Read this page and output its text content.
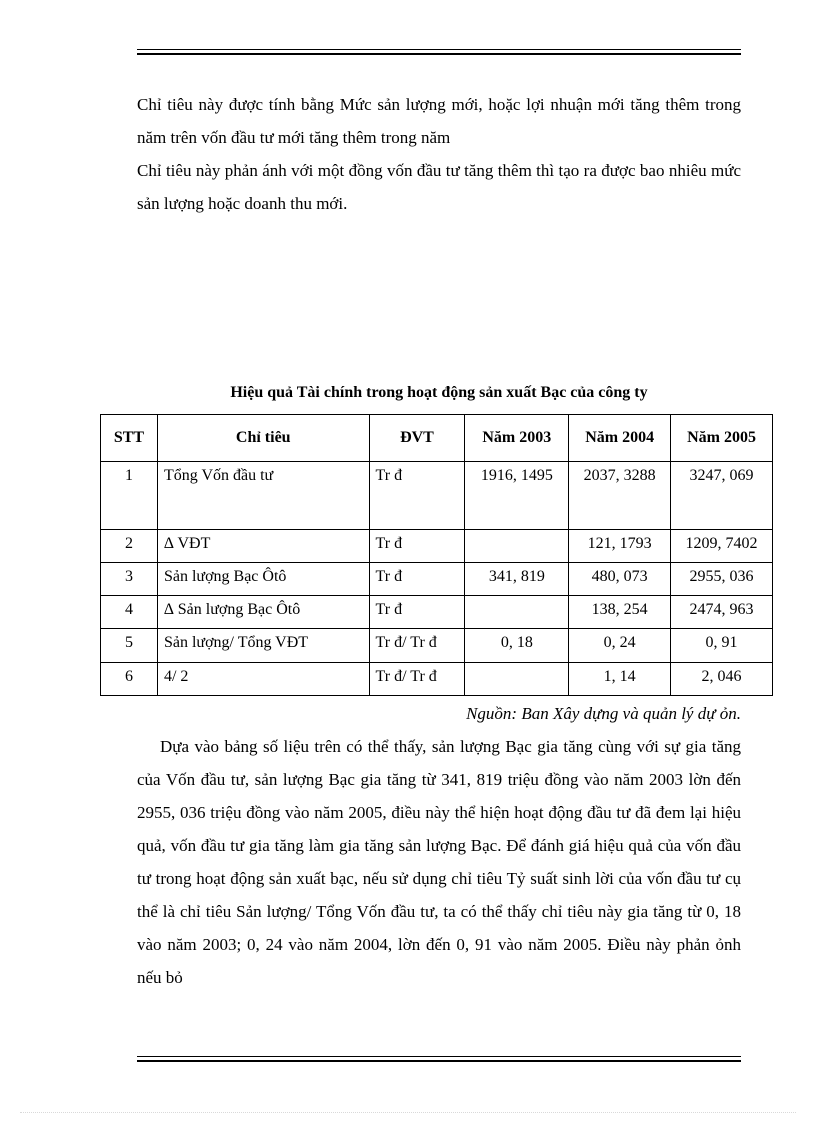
Chỉ tiêu này được tính bằng Mức sản lượng mới, hoặc lợi nhuận mới tăng thêm trong năm trên vốn đầu tư mới tăng thêm trong năm

Chỉ tiêu này phản ánh với một đồng vốn đầu tư tăng thêm thì tạo ra được bao nhiêu mức sản lượng hoặc doanh thu mới.

Hiệu quả Tài chính trong hoạt động sản xuất Bạc của công ty
STT	Chỉ tiêu	ĐVT	Năm 2003	Năm 2004	Năm 2005
1	Tổng Vốn đầu tư	Tr đ	1916, 1495	2037, 3288	3247, 069
2	∆ VĐT	Tr đ		121, 1793	1209, 7402
3	Sản lượng Bạc Ôtô	Tr đ	341, 819	480, 073	2955, 036
4	∆ Sản lượng Bạc Ôtô	Tr đ		138, 254	2474, 963
5	Sản lượng/ Tổng VĐT	Tr đ/ Tr đ	0, 18	0, 24	0, 91
6	4/ 2	Tr đ/ Tr đ		1, 14	2, 046
Nguồn: Ban Xây dựng và quản lý dự ỏn.

Dựa vào bảng số liệu trên có thể thấy, sản lượng Bạc gia tăng cùng với sự gia tăng của Vốn đầu tư, sản lượng Bạc gia tăng từ 341, 819 triệu đồng vào năm 2003 lờn đến 2955, 036 triệu đồng vào năm 2005, điều này thể hiện hoạt động đầu tư đã đem lại hiệu quả, vốn đầu tư gia tăng làm gia tăng sản lượng Bạc. Để đánh giá hiệu quả của vốn đầu tư trong hoạt động sản xuất bạc, nếu sử dụng chỉ tiêu Tỷ suất sinh lời của vốn đầu tư cụ thể là chỉ tiêu Sản lượng/ Tổng Vốn đầu tư, ta có thể thấy chỉ tiêu này gia tăng từ 0, 18 vào năm 2003; 0, 24 vào năm 2004, lờn đến 0, 91 vào năm 2005. Điều này phản ỏnh nếu bỏ
